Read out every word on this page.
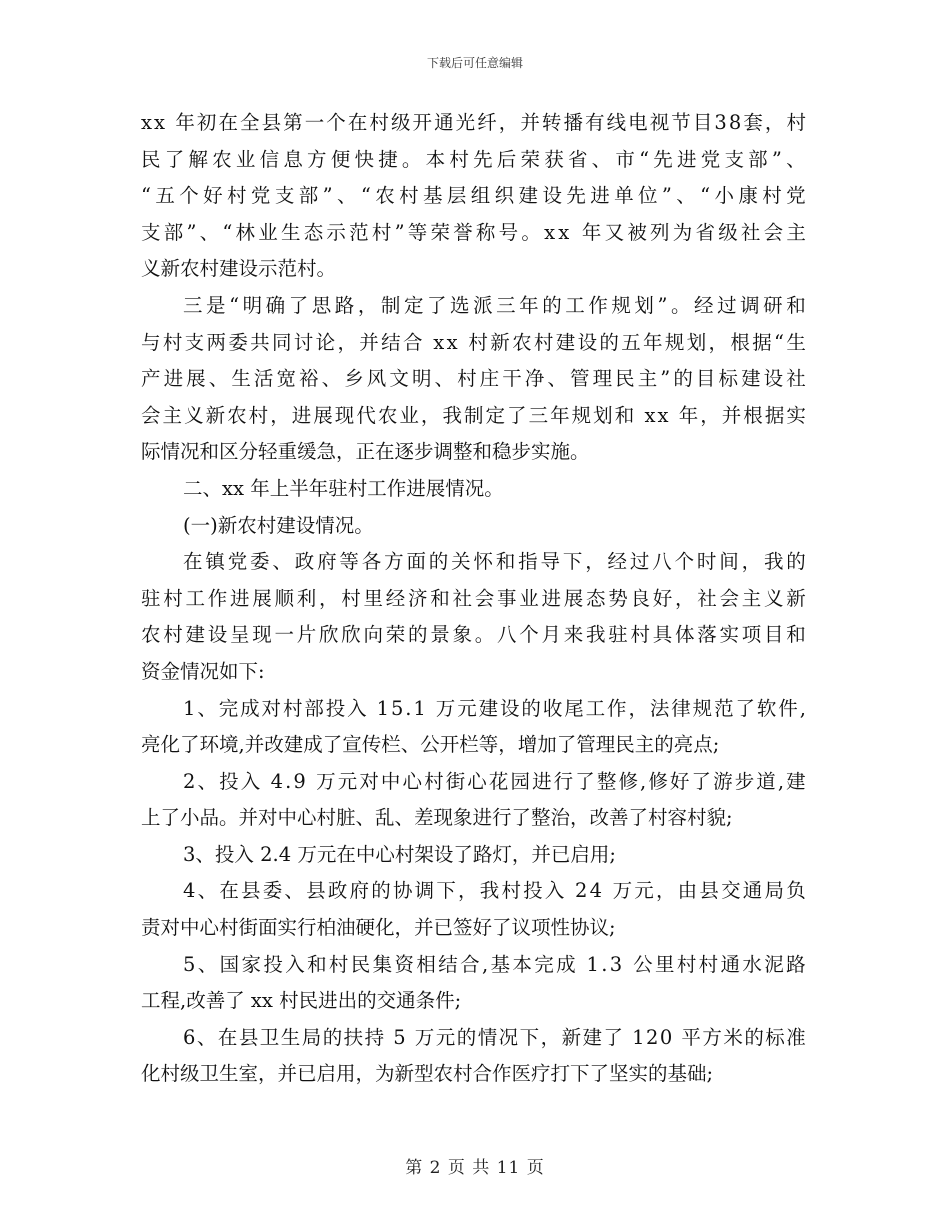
下载后可任意编辑
x x
年 初 在 全 县 第 一 个 在 村 级 开 通 光 纤 ， 并 转 播 有 线 电 视 节 目 3 8 套 ， 村
民 了 解 农 业 信 息 方 便 快 捷 。 本 村 先 后 荣 获 省 、 市 “ 先 进 党 支 部 ” 、
“ 五 个 好 村 党 支 部 ” 、 “ 农 村 基 层 组 织 建 设 先 进 单 位 ” 、 “ 小 康 村 党
支 部 ” 、 “ 林 业 生 态 示 范 村 ” 等 荣 誉 称 号 。 x x
年 又 被 列 为 省 级 社 会 主
义新农村建设示范村。
三 是 “ 明 确 了 思 路 ， 制 定 了 选 派 三 年 的 工 作 规 划 ” 。 经 过 调 研 和
与 村 支 两 委 共 同 讨 论 ， 并 结 合
x x
村 新 农 村 建 设 的 五 年 规 划 ， 根 据 “ 生
产 进 展 、 生 活 宽 裕 、 乡 风 文 明 、 村 庄 干 净 、 管 理 民 主 ” 的 目 标 建 设 社
会 主 义 新 农 村 ， 进 展 现 代 农 业 ， 我 制 定 了 三 年 规 划 和
x x
年 ， 并 根 据 实
际情况和区分轻重缓急，正在逐步调整和稳步实施。
二、xx 年上半年驻村工作进展情况。
(一)新农村建设情况。
在 镇 党 委 、 政 府 等 各 方 面 的 关 怀 和 指 导 下 ， 经 过 八 个 时 间 ， 我 的
驻 村 工 作 进 展 顺 利 ， 村 里 经 济 和 社 会 事 业 进 展 态 势 良 好 ， 社 会 主 义 新
农 村 建 设 呈 现 一 片 欣 欣 向 荣 的 景 象 。 八 个 月 来 我 驻 村 具 体 落 实 项 目 和
资金情况如下:
1 、 完 成 对 村 部 投 入
1 5 . 1
万 元 建 设 的 收 尾 工 作 ， 法 律 规 范 了 软 件 ,
亮化了环境,并改建成了宣传栏、公开栏等，增加了管理民主的亮点;
2 、 投 入
4 . 9
万 元 对 中 心 村 街 心 花 园 进 行 了 整 修 , 修 好 了 游 步 道 , 建
上了小品。并对中心村脏、乱、差现象进行了整治，改善了村容村貌;
3、投入 2.4 万元在中心村架设了路灯，并已启用;
4 、 在 县 委 、 县 政 府 的 协 调 下 ， 我 村 投 入
2 4
万 元 ， 由 县 交 通 局 负
责对中心村街面实行柏油硬化，并已签好了议项性协议;
5 、 国 家 投 入 和 村 民 集 资 相 结 合 , 基 本 完 成
1 . 3
公 里 村 村 通 水 泥 路
工程,改善了 xx 村民进出的交通条件;
6 、 在 县 卫 生 局 的 扶 持
5
万 元 的 情 况 下 ， 新 建 了
1 2 0
平 方 米 的 标 准
化村级卫生室，并已启用，为新型农村合作医疗打下了坚实的基础;
第 2 页 共 11 页
